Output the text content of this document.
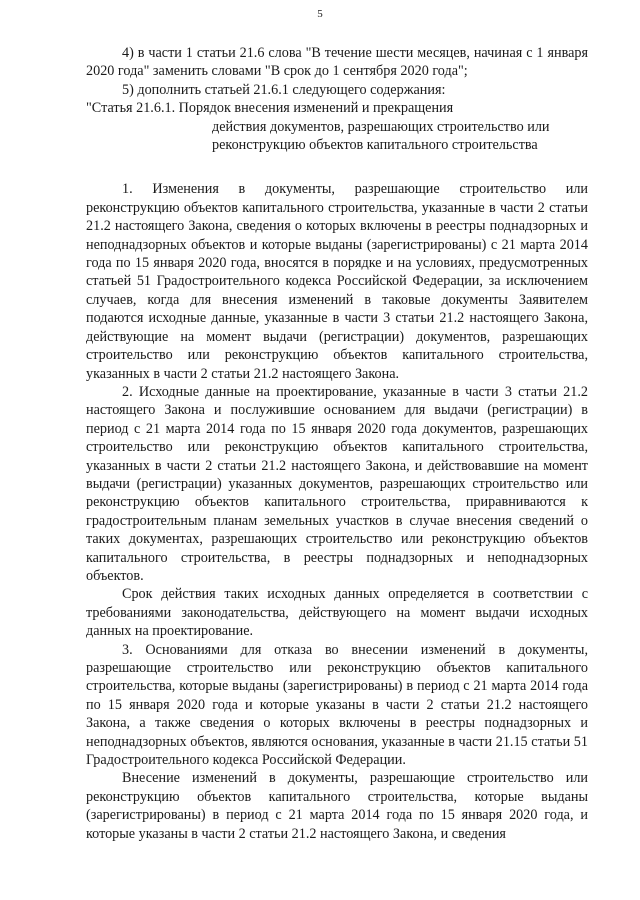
5

4) в части 1 статьи 21.6 слова "В течение шести месяцев, начиная с 1 января 2020 года" заменить словами "В срок до 1 сентября 2020 года";

5) дополнить статьей 21.6.1 следующего содержания:

"Статья 21.6.1. Порядок внесения изменений и прекращения
действия документов, разрешающих строительство или реконструкцию объектов капитального строительства

1. Изменения в документы, разрешающие строительство или реконструкцию объектов капитального строительства, указанные в части 2 статьи 21.2 настоящего Закона, сведения о которых включены в реестры поднадзорных и неподнадзорных объектов и которые выданы (зарегистрированы) с 21 марта 2014 года по 15 января 2020 года, вносятся в порядке и на условиях, предусмотренных статьей 51 Градостроительного кодекса Российской Федерации, за исключением случаев, когда для внесения изменений в таковые документы Заявителем подаются исходные данные, указанные в части 3 статьи 21.2 настоящего Закона, действующие на момент выдачи (регистрации) документов, разрешающих строительство или реконструкцию объектов капитального строительства, указанных в части 2 статьи 21.2 настоящего Закона.

2. Исходные данные на проектирование, указанные в части 3 статьи 21.2 настоящего Закона и послужившие основанием для выдачи (регистрации) в период с 21 марта 2014 года по 15 января 2020 года документов, разрешающих строительство или реконструкцию объектов капитального строительства, указанных в части 2 статьи 21.2 настоящего Закона, и действовавшие на момент выдачи (регистрации) указанных документов, разрешающих строительство или реконструкцию объектов капитального строительства, приравниваются к градостроительным планам земельных участков в случае внесения сведений о таких документах, разрешающих строительство или реконструкцию объектов капитального строительства, в реестры поднадзорных и неподнадзорных объектов.

Срок действия таких исходных данных определяется в соответствии с требованиями законодательства, действующего на момент выдачи исходных данных на проектирование.

3. Основаниями для отказа во внесении изменений в документы, разрешающие строительство или реконструкцию объектов капитального строительства, которые выданы (зарегистрированы) в период с 21 марта 2014 года по 15 января 2020 года и которые указаны в части 2 статьи 21.2 настоящего Закона, а также сведения о которых включены в реестры поднадзорных и неподнадзорных объектов, являются основания, указанные в части 21.15 статьи 51 Градостроительного кодекса Российской Федерации.

Внесение изменений в документы, разрешающие строительство или реконструкцию объектов капитального строительства, которые выданы (зарегистрированы) в период с 21 марта 2014 года по 15 января 2020 года, и которые указаны в части 2 статьи 21.2 настоящего Закона, и сведения
